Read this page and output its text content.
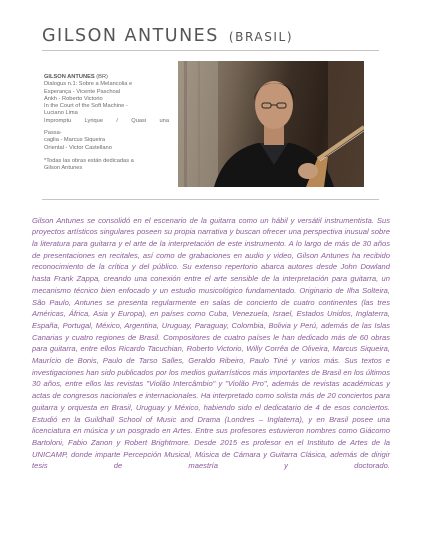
GILSON ANTUNES (BRASIL)
GILSON ANTUNES (BR)
Dialogus n.1: Sobre a Melancolia e
Esperança - Vicente Paschoal
Ankh - Roberto Victorio
In the Court of the Soft Machine -
Luciano Lima
Impromptu Lyrique / Quasi una
Passa-
caglia - Marcus Siqueira
Oriental - Victor Castellano
*Todas las obras están dedicadas a
Gilson Antunes

Gilson Antunes se consolidó en el escenario de la guitarra como un hábil y versátil instrumentista. Sus proyectos artísticos singulares poseen su propia narrativa y buscan ofrecer una perspectiva inusual sobre la literatura para guitarra y el arte de la interpretación de este instrumento. A lo largo de más de 30 años de presentaciones en recitales, así como de grabaciones en audio y video, Gilson Antunes ha recibido reconocimiento de la crítica y del público. Su extenso repertorio abarca autores desde John Dowland hasta Frank Zappa, creando una conexión entre el arte sensible de la interpretación para guitarra, un mecanismo técnico bien enfocado y un estudio musicológico fundamentado. Originario de Ilha Solteira, São Paulo, Antunes se presenta regularmente en salas de concierto de cuatro continentes (las tres Américas, África, Asia y Europa), en países como Cuba, Venezuela, Israel, Estados Unidos, Inglaterra, España, Portugal, México, Argentina, Uruguay, Paraguay, Colombia, Bolivia y Perú, además de las Islas Canarias y cuatro regiones de Brasil. Compositores de cuatro países le han dedicado más de 60 obras para guitarra, entre ellos Ricardo Tacuchian, Roberto Victorio, Willy Corrêa de Oliveira, Marcus Siqueira, Maurício de Bonis, Paulo de Tarso Salles, Geraldo Ribeiro, Paulo Tiné y varios más. Sus textos e investigaciones han sido publicados por los medios guitarrísticos más importantes de Brasil en los últimos 30 años, entre ellos las revistas "Violão Intercâmbio" y "Violão Pro", además de revistas académicas y actas de congresos nacionales e internacionales. Ha interpretado como solista más de 20 conciertos para guitarra y orquesta en Brasil, Uruguay y México, habiendo sido el dedicatario de 4 de esos conciertos. Estudió en la Guildhall School of Music and Drama (Londres – Inglaterra), y en Brasil posee una licenciatura en música y un posgrado en Artes. Entre sus profesores estuvieron nombres como Giácomo Bartoloni, Fabio Zanon y Robert Brightmore. Desde 2015 es profesor en el Instituto de Artes de la UNICAMP, donde imparte Percepción Musical, Música de Cámara y Guitarra Clásica, además de dirigir tesis de maestría y doctorado.
